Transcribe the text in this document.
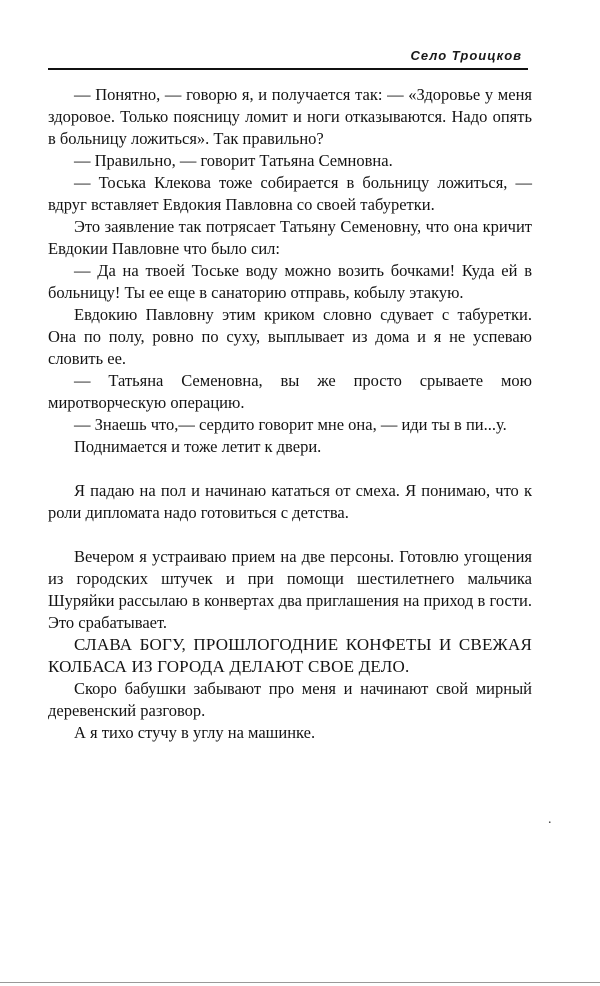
Село Троицков

— Понятно, — говорю я, и получается так: — «Здоровье у меня здоровое. Только поясницу ломит и ноги отказываются. Надо опять в больницу ложиться». Так правильно?

— Правильно, — говорит Татьяна Семновна.

— Тоська Клекова тоже собирается в больницу ложиться, — вдруг вставляет Евдокия Павловна со своей табуретки.

Это заявление так потрясает Татьяну Семеновну, что она кричит Евдокии Павловне что было сил:

— Да на твоей Тоське воду можно возить бочками! Куда ей в больницу! Ты ее еще в санаторию отправь, кобылу этакую.

Евдокию Павловну этим криком словно сдувает с табуретки. Она по полу, ровно по суху, выплывает из дома и я не успеваю словить ее.

— Татьяна Семеновна, вы же просто срываете мою миротворческую операцию.

— Знаешь что,— сердито говорит мне она, — иди ты в пи...у.

Поднимается и тоже летит к двери.

Я падаю на пол и начинаю кататься от смеха. Я понимаю, что к роли дипломата надо готовиться с детства.

Вечером я устраиваю прием на две персоны. Готовлю угощения из городских штучек и при помощи шестилетнего мальчика Шуряйки рассылаю в конвертах два приглашения на приход в гости. Это срабатывает.

СЛАВА БОГУ, ПРОШЛОГОДНИЕ КОНФЕТЫ И СВЕЖАЯ КОЛБАСА ИЗ ГОРОДА ДЕЛАЮТ СВОЕ ДЕЛО.

Скоро бабушки забывают про меня и начинают свой мирный деревенский разговор.

А я тихо стучу в углу на машинке.

.
